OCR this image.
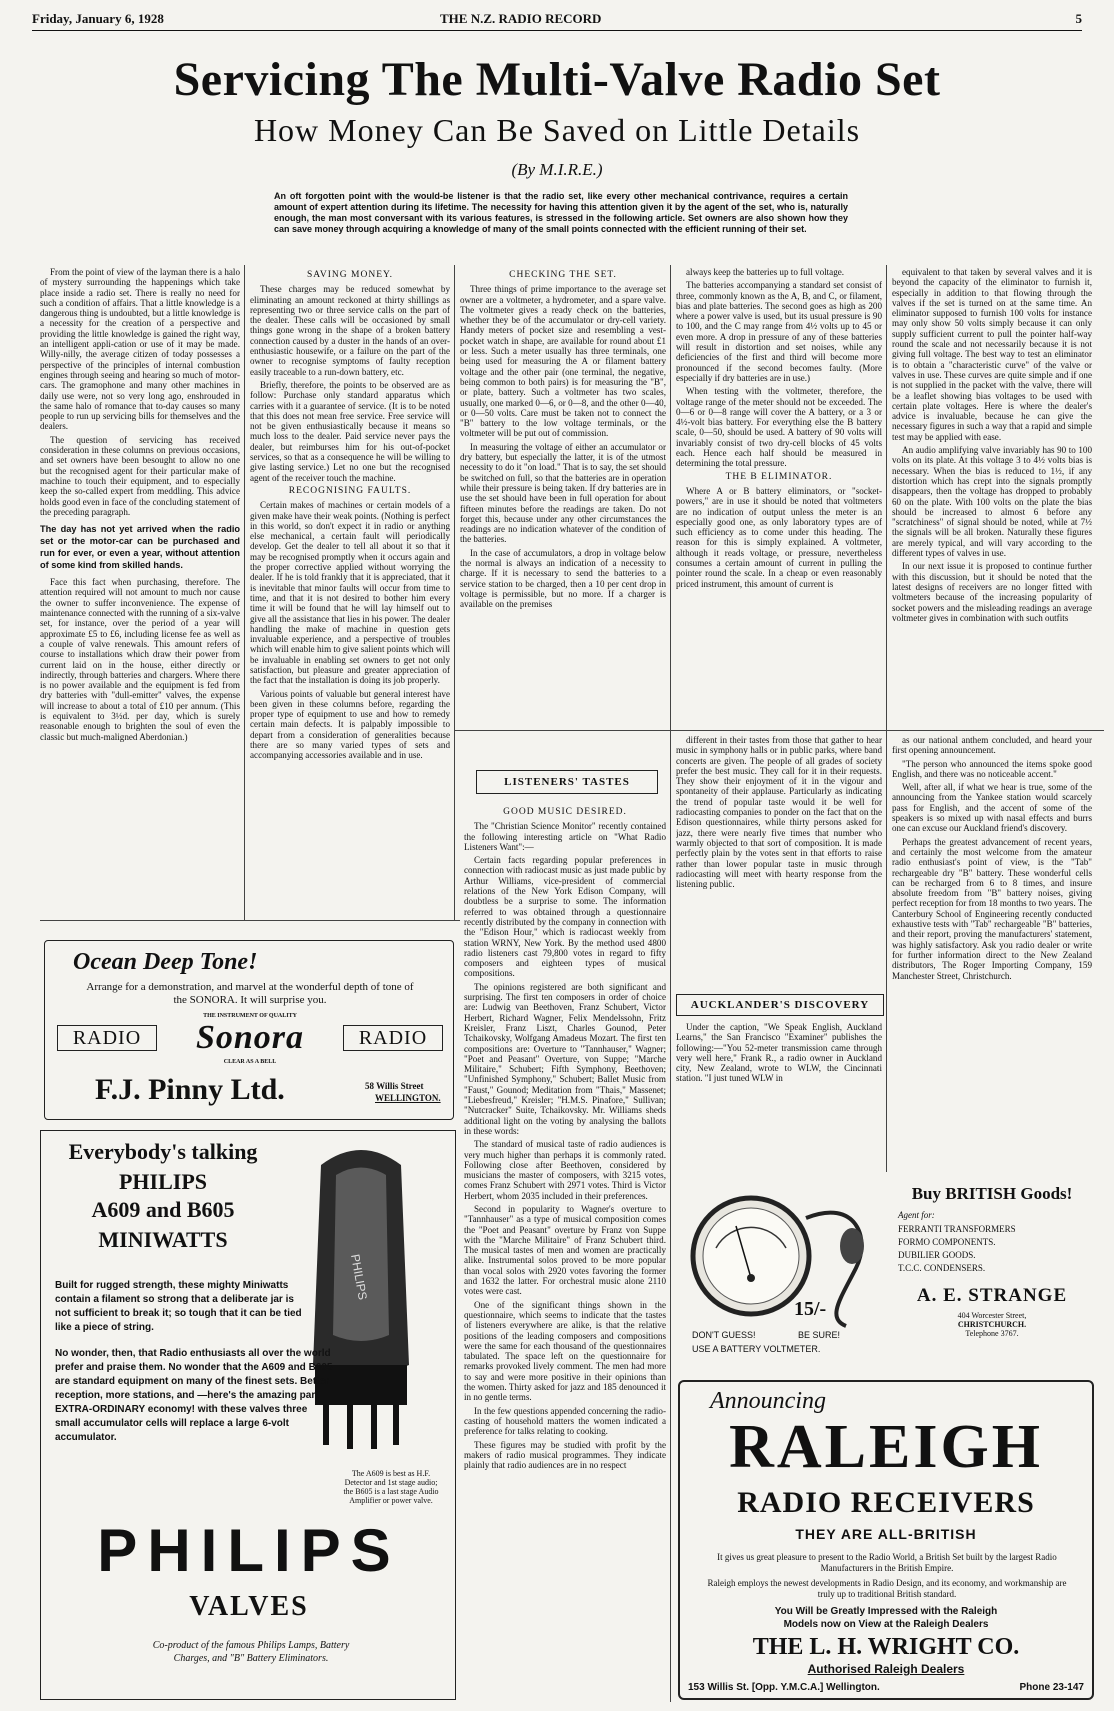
Friday, January 6, 1928	THE N.Z. RADIO RECORD	5
Servicing The Multi-Valve Radio Set
How Money Can Be Saved on Little Details
(By M.I.R.E.)
An oft forgotten point with the would-be listener is that the radio set, like every other mechanical contrivance, requires a certain amount of expert attention during its lifetime. The necessity for having this attention given it by the agent of the set, who is, naturally enough, the man most conversant with its various features, is stressed in the following article. Set owners are also shown how they can save money through acquiring a knowledge of many of the small points connected with the efficient running of their set.

From the point of view of the layman there is a halo of mystery surrounding the happenings which take place inside a radio set. There is really no need for such a condition of affairs. That a little knowledge is a dangerous thing is undoubted, but a little knowledge is a necessity for the creation of a perspective and providing the little knowledge is gained the right way, an intelligent appli-cation or use of it may be made. Willy-nilly, the average citizen of today possesses a perspective of the principles of internal combustion engines through seeing and hearing so much of motor-cars. The gramophone and many other machines in daily use were, not so very long ago, enshrouded in the same halo of romance that to-day causes so many people to run up servicing bills for themselves and the dealers.

The question of servicing has received consideration in these columns on previous occasions, and set owners have been besought to allow no one but the recognised agent for their particular make of machine to touch their equipment, and to especially keep the so-called expert from meddling. This advice holds good even in face of the concluding statement of the preceding paragraph.

The day has not yet arrived when the radio set or the motor-car can be purchased and run for ever, or even a year, without attention of some kind from skilled hands.

Face this fact when purchasing, therefore. The attention required will not amount to much nor cause the owner to suffer inconvenience. The expense of maintenance connected with the running of a six-valve set, for instance, over the period of a year will approximate £5 to £6, including license fee as well as a couple of valve renewals. This amount refers of course to installations which draw their power from current laid on in the house, either directly or indirectly, through batteries and chargers. Where there is no power available and the equipment is fed from dry batteries with "dull-emitter" valves, the expense will increase to about a total of £10 per annum. (This is equivalent to 3½d. per day, which is surely reasonable enough to brighten the soul of even the classic but much-maligned Aberdonian.)

SAVING MONEY.

These charges may be reduced somewhat by eliminating an amount reckoned at thirty shillings as representing two or three service calls on the part of the dealer. These calls will be occasioned by small things gone wrong in the shape of a broken battery connection caused by a duster in the hands of an over-enthusiastic housewife, or a failure on the part of the owner to recognise symptoms of faulty reception easily traceable to a run-down battery, etc.

Briefly, therefore, the points to be observed are as follow: Purchase only standard apparatus which carries with it a guarantee of service. (It is to be noted that this does not mean free service. Free service will not be given enthusiastically because it means so much loss to the dealer. Paid service never pays the dealer, but reimburses him for his out-of-pocket services, so that as a consequence he will be willing to give lasting service.) Let no one but the recognised agent of the receiver touch the machine.

RECOGNISING FAULTS.

Certain makes of machines or certain models of a given make have their weak points. (Nothing is perfect in this world, so don't expect it in radio or anything else mechanical, a certain fault will periodically develop. Get the dealer to tell all about it so that it may be recognised promptly when it occurs again and the proper corrective applied without worrying the dealer. If he is told frankly that it is appreciated, that it is inevitable that minor faults will occur from time to time, and that it is not desired to bother him every time it will be found that he will lay himself out to give all the assistance that lies in his power. The dealer handling the make of machine in question gets invaluable experience, and a perspective of troubles which will enable him to give salient points which will be invaluable in enabling set owners to get not only satisfaction, but pleasure and greater appreciation of the fact that the installation is doing its job properly.

Various points of valuable but general interest have been given in these columns before, regarding the proper type of equipment to use and how to remedy certain main defects. It is palpably impossible to depart from a consideration of generalities because there are so many varied types of sets and accompanying accessories available and in use.

CHECKING THE SET.

Three things of prime importance to the average set owner are a voltmeter, a hydrometer, and a spare valve. The voltmeter gives a ready check on the batteries, whether they be of the accumulator or dry-cell variety. Handy meters of pocket size and resembling a vest-pocket watch in shape, are available for round about £1 or less. Such a meter usually has three terminals, one being used for measuring the A or filament battery voltage and the other pair (one terminal, the negative, being common to both pairs) is for measuring the "B", or plate, battery. Such a voltmeter has two scales, usually, one marked 0—6, or 0—8, and the other 0—40, or 0—50 volts. Care must be taken not to connect the "B" battery to the low voltage terminals, or the voltmeter will be put out of commission.

In measuring the voltage of either an accumulator or dry battery, but especially the latter, it is of the utmost necessity to do it "on load." That is to say, the set should be switched on full, so that the batteries are in operation while their pressure is being taken. If dry batteries are in use the set should have been in full operation for about fifteen minutes before the readings are taken. Do not forget this, because under any other circumstances the readings are no indication whatever of the condition of the batteries.

In the case of accumulators, a drop in voltage below the normal is always an indication of a necessity to charge. If it is necessary to send the batteries to a service station to be charged, then a 10 per cent drop in voltage is permissible, but no more. If a charger is available on the premises

always keep the batteries up to full voltage.

The batteries accompanying a standard set consist of three, commonly known as the A, B, and C, or filament, bias and plate batteries. The second goes as high as 200 where a power valve is used, but its usual pressure is 90 to 100, and the C may range from 4½ volts up to 45 or even more. A drop in pressure of any of these batteries will result in distortion and set noises, while any deficiencies of the first and third will become more pronounced if the second becomes faulty. (More especially if dry batteries are in use.)

When testing with the voltmeter, therefore, the voltage range of the meter should not be exceeded. The 0—6 or 0—8 range will cover the A battery, or a 3 or 4½-volt bias battery. For everything else the B battery scale, 0—50, should be used. A battery of 90 volts will invariably consist of two dry-cell blocks of 45 volts each. Hence each half should be measured in determining the total pressure.

THE B ELIMINATOR.

Where A or B battery eliminators, or "socket-powers," are in use it should be noted that voltmeters are no indication of output unless the meter is an especially good one, as only laboratory types are of such efficiency as to come under this heading. The reason for this is simply explained. A voltmeter, although it reads voltage, or pressure, nevertheless consumes a certain amount of current in pulling the pointer round the scale. In a cheap or even reasonably priced instrument, this amount of current is

equivalent to that taken by several valves and it is beyond the capacity of the eliminator to furnish it, especially in addition to that flowing through the valves if the set is turned on at the same time. An eliminator supposed to furnish 100 volts for instance may only show 50 volts simply because it can only supply sufficient current to pull the pointer half-way round the scale and not necessarily because it is not giving full voltage. The best way to test an eliminator is to obtain a "characteristic curve" of the valve or valves in use. These curves are quite simple and if one is not supplied in the packet with the valve, there will be a leaflet showing bias voltages to be used with certain plate voltages. Here is where the dealer's advice is invaluable, because he can give the necessary figures in such a way that a rapid and simple test may be applied with ease.

An audio amplifying valve invariably has 90 to 100 volts on its plate. At this voltage 3 to 4½ volts bias is necessary. When the bias is reduced to 1½, if any distortion which has crept into the signals promptly disappears, then the voltage has dropped to probably 60 on the plate. With 100 volts on the plate the bias should be increased to almost 6 before any "scratchiness" of signal should be noted, while at 7½ the signals will be all broken. Naturally these figures are merely typical, and will vary according to the different types of valves in use.

In our next issue it is proposed to continue further with this discussion, but it should be noted that the latest designs of receivers are no longer fitted with voltmeters because of the increasing popularity of socket powers and the misleading readings an average voltmeter gives in combination with such outfits

LISTENERS' TASTES
GOOD MUSIC DESIRED.

The "Christian Science Monitor" recently contained the following interesting article on "What Radio Listeners Want":—

Certain facts regarding popular preferences in connection with radiocast music as just made public by Arthur Williams, vice-president of commercial relations of the New York Edison Company, will doubtless be a surprise to some. The information referred to was obtained through a questionnaire recently distributed by the company in connection with the "Edison Hour," which is radiocast weekly from station WRNY, New York. By the method used 4800 radio listeners cast 79,800 votes in regard to fifty composers and eighteen types of musical compositions.

The opinions registered are both significant and surprising. The first ten composers in order of choice are: Ludwig van Beethoven, Franz Schubert, Victor Herbert, Richard Wagner, Felix Mendelssohn, Fritz Kreisler, Franz Liszt, Charles Gounod, Peter Tchaikovsky, Wolfgang Amadeus Mozart. The first ten compositions are: Overture to "Tannhauser," Wagner; "Poet and Peasant" Overture, von Suppe; "Marche Militaire," Schubert; Fifth Symphony, Beethoven; "Unfinished Symphony," Schubert; Ballet Music from "Faust," Gounod; Meditation from "Thais," Massenet; "Liebesfreud," Kreisler; "H.M.S. Pinafore," Sullivan; "Nutcracker" Suite, Tchaikovsky. Mr. Williams sheds additional light on the voting by analysing the ballots in these words:

The standard of musical taste of radio audiences is very much higher than perhaps it is commonly rated. Following close after Beethoven, considered by musicians the master of composers, with 3215 votes, comes Franz Schubert with 2971 votes. Third is Victor Herbert, whom 2035 included in their preferences.

Second in popularity to Wagner's overture to "Tannhauser" as a type of musical composition comes the "Poet and Peasant" overture by Franz von Suppe with the "Marche Militaire" of Franz Schubert third. The musical tastes of men and women are practically alike. Instrumental solos proved to be more popular than vocal solos with 2920 votes favoring the former and 1632 the latter. For orchestral music alone 2110 votes were cast.

One of the significant things shown in the questionnaire, which seems to indicate that the tastes of listeners everywhere are alike, is that the relative positions of the leading composers and compositions were the same for each thousand of the questionnaires tabulated. The space left on the questionnaire for remarks provoked lively comment. The men had more to say and were more positive in their opinions than the women. Thirty asked for jazz and 185 denounced it in no gentle terms.

In the few questions appended concerning the radio-casting of household matters the women indicated a preference for talks relating to cooking.

These figures may be studied with profit by the makers of radio musical programmes. They indicate plainly that radio audiences are in no respect

different in their tastes from those that gather to hear music in symphony halls or in public parks, where band concerts are given. The people of all grades of society prefer the best music. They call for it in their requests. They show their enjoyment of it in the vigour and spontaneity of their applause. Particularly as indicating the trend of popular taste would it be well for radiocasting companies to ponder on the fact that on the Edison questionnaires, while thirty persons asked for jazz, there were nearly five times that number who warmly objected to that sort of composition. It is made perfectly plain by the votes sent in that efforts to raise rather than lower popular taste in music through radiocasting will meet with hearty response from the listening public.

AUCKLANDER'S DISCOVERY

Under the caption, "We Speak English, Auckland Learns," the San Francisco "Examiner" publishes the following:—"You 52-meter transmission came through very well here," Frank R., a radio owner in Auckland city, New Zealand, wrote to WLW, the Cincinnati station. "I just tuned WLW in

as our national anthem concluded, and heard your first opening announcement.

"The person who announced the items spoke good English, and there was no noticeable accent."

Well, after all, if what we hear is true, some of the announcing from the Yankee station would scarcely pass for English, and the accent of some of the speakers is so mixed up with nasal effects and burrs one can excuse our Auckland friend's discovery.

Perhaps the greatest advancement of recent years, and certainly the most welcome from the amateur radio enthusiast's point of view, is the "Tab" rechargeable dry "B" battery. These wonderful cells can be recharged from 6 to 8 times, and insure absolute freedom from "B" battery noises, giving perfect reception for from 18 months to two years. The Canterbury School of Engineering recently conducted exhaustive tests with "Tab" rechargeable "B" batteries, and their report, proving the manufacturers' statement, was highly satisfactory. Ask you radio dealer or write for further information direct to the New Zealand distributors, The Roger Importing Company, 159 Manchester Street, Christchurch.

15/-
DON'T GUESS!	BE SURE!
USE A BATTERY VOLTMETER.
Buy BRITISH Goods!
Agent for:
FERRANTI TRANSFORMERS
FORMO COMPONENTS.
DUBILIER GOODS.
T.C.C. CONDENSERS.
A. E. STRANGE
404 Worcester Street,
CHRISTCHURCH.
Telephone 3767.
Ocean Deep Tone!
Arrange for a demonstration, and marvel at the wonderful depth of tone of the SONORA. It will surprise you.
RADIO
THE INSTRUMENT OF QUALITY
Sonora
CLEAR AS A BELL
RADIO
F.J. Pinny Ltd.	58 Willis Street
WELLINGTON.
Everybody's talking
PHILIPS
A609 and B605
MINIWATTS
PHILIPS
Built for rugged strength, these mighty Miniwatts contain a filament so strong that a deliberate jar is not sufficient to break it; so tough that it can be tied like a piece of string.
No wonder, then, that Radio enthusiasts all over the world prefer and praise them. No wonder that the A609 and B605 are standard equipment on many of the finest sets. Better reception, more stations, and —here's the amazing part—EXTRA-ORDINARY economy! with these valves three small accumulator cells will replace a large 6-volt accumulator.
The A609 is best as H.F. Detector and 1st stage audio; the B605 is a last stage Audio Amplifier or power valve.
PHILIPS
VALVES
Co-product of the famous Philips Lamps, Battery Charges, and "B" Battery Eliminators.
Announcing
RALEIGH
RADIO RECEIVERS
THEY ARE ALL-BRITISH
It gives us great pleasure to present to the Radio World, a British Set built by the largest Radio Manufacturers in the British Empire.
Raleigh employs the newest developments in Radio Design, and its economy, and workmanship are truly up to traditional British standard.
You Will be Greatly Impressed with the Raleigh
Models now on View at the Raleigh Dealers
THE L. H. WRIGHT CO.
Authorised Raleigh Dealers
153 Willis St. [Opp. Y.M.C.A.] Wellington.	Phone 23-147
